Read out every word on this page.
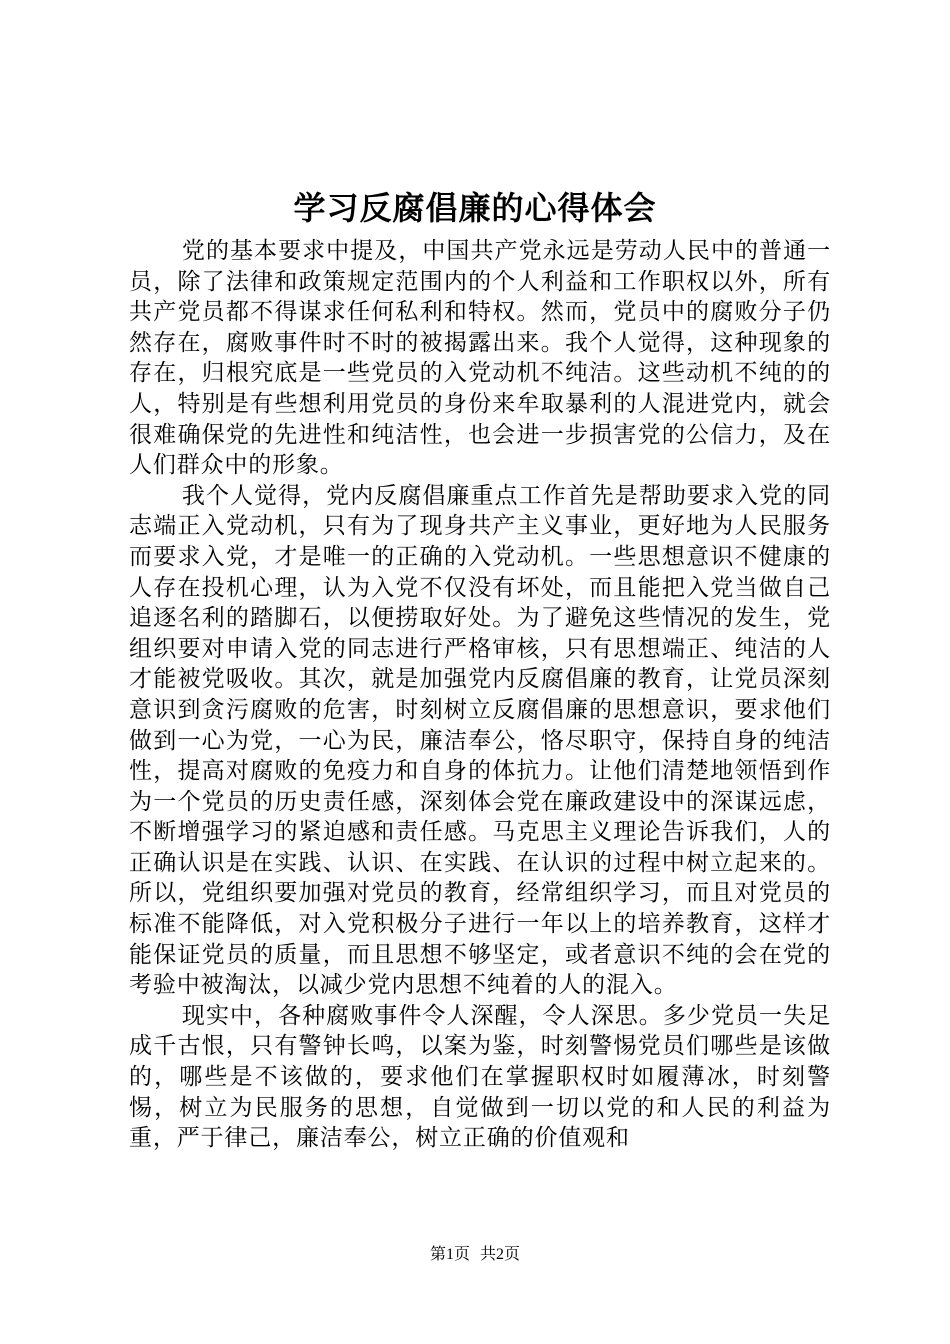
学习反腐倡廉的心得体会

党的基本要求中提及，中国共产党永远是劳动人民中的普通一员，除了法律和政策规定范围内的个人利益和工作职权以外，所有共产党员都不得谋求任何私利和特权。然而，党员中的腐败分子仍然存在，腐败事件时不时的被揭露出来。我个人觉得，这种现象的存在，归根究底是一些党员的入党动机不纯洁。这些动机不纯的的人，特别是有些想利用党员的身份来牟取暴利的人混进党内，就会很难确保党的先进性和纯洁性，也会进一步损害党的公信力，及在人们群众中的形象。

我个人觉得，党内反腐倡廉重点工作首先是帮助要求入党的同志端正入党动机，只有为了现身共产主义事业，更好地为人民服务而要求入党，才是唯一的正确的入党动机。一些思想意识不健康的人存在投机心理，认为入党不仅没有坏处，而且能把入党当做自己追逐名利的踏脚石，以便捞取好处。为了避免这些情况的发生，党组织要对申请入党的同志进行严格审核，只有思想端正、纯洁的人才能被党吸收。其次，就是加强党内反腐倡廉的教育，让党员深刻意识到贪污腐败的危害，时刻树立反腐倡廉的思想意识，要求他们做到一心为党，一心为民，廉洁奉公，恪尽职守，保持自身的纯洁性，提高对腐败的免疫力和自身的体抗力。让他们清楚地领悟到作为一个党员的历史责任感，深刻体会党在廉政建设中的深谋远虑，不断增强学习的紧迫感和责任感。马克思主义理论告诉我们，人的正确认识是在实践、认识、在实践、在认识的过程中树立起来的。所以，党组织要加强对党员的教育，经常组织学习，而且对党员的标准不能降低，对入党积极分子进行一年以上的培养教育，这样才能保证党员的质量，而且思想不够坚定，或者意识不纯的会在党的考验中被淘汰，以减少党内思想不纯着的人的混入。

现实中，各种腐败事件令人深醒，令人深思。多少党员一失足成千古恨，只有警钟长鸣，以案为鉴，时刻警惕党员们哪些是该做的，哪些是不该做的，要求他们在掌握职权时如履薄冰，时刻警惕，树立为民服务的思想，自觉做到一切以党的和人民的利益为重，严于律己，廉洁奉公，树立正确的价值观和

第1页 共2页
